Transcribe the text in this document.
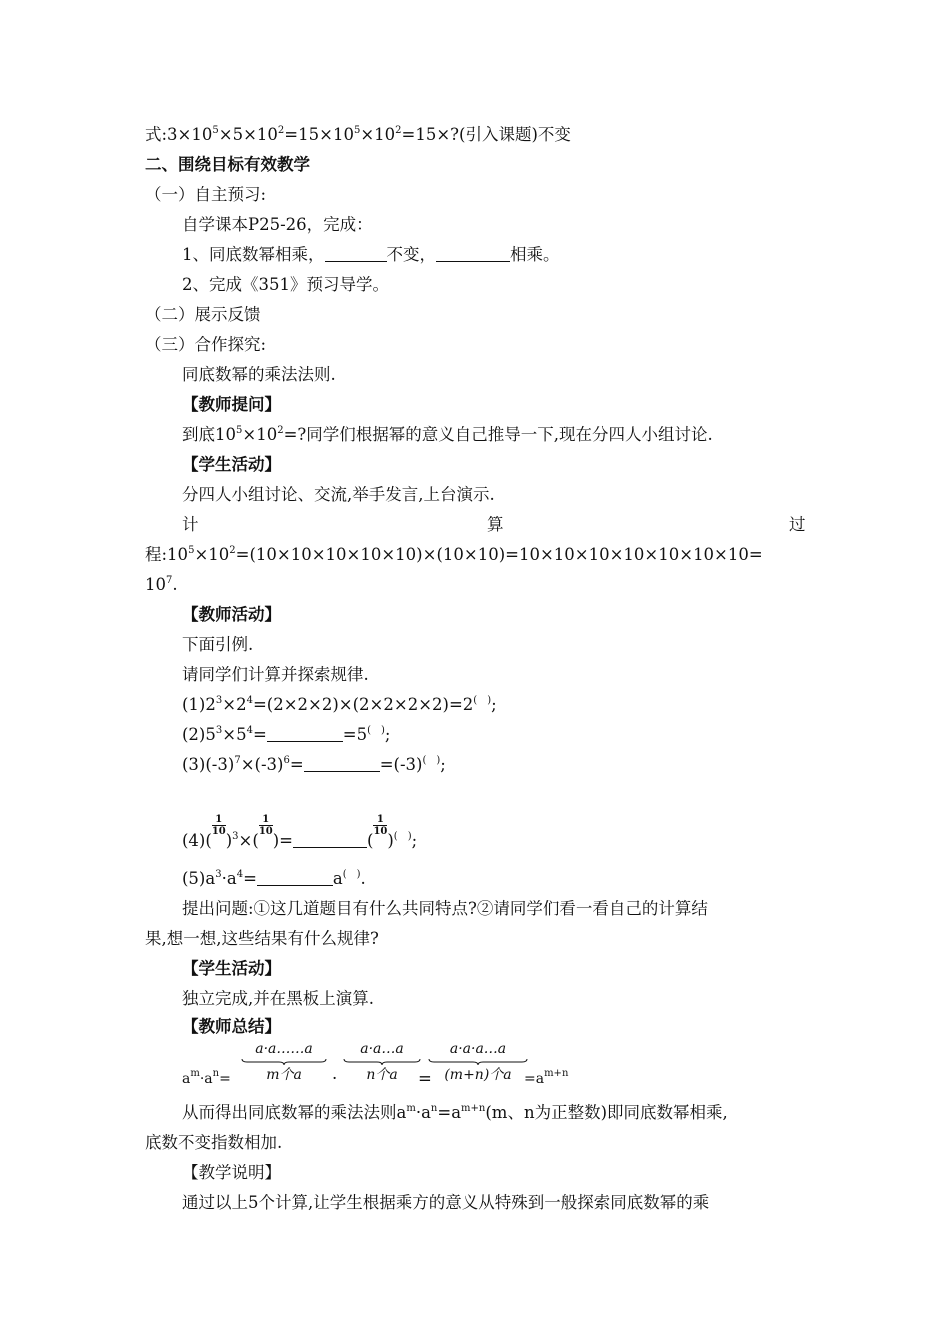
式$:3\times 10^5\times 5\times 10^2=15\times 10^5\times 10^2=15\times$?(引入课题)不变
二、围绕目标有效教学
（一）自主预习:
自学课本P25-26，完成：
1、同底数幂相乘，	不变，	相乘。
2、完成《351》预习导学。
（二）展示反馈
（三）合作探究:
同底数幂的乘法法则.
【教师提问】
到底$10^5\times 10^2=$?同学们根据幂的意义自己推导一下,现在分四人小组讨论.
【学生活动】
分四人小组讨论、交流,举手发言,上台演示.
计	算	过
程$:10^5\times 10^2=(10\times 10\times 10\times 10\times 10)\times(10\times 10)=10\times 10\times 10\times 10\times 10\times 10\times 10=$
$10^7$.
【教师活动】
下面引例.
请同学们计算并探索规律.
$(1)2^3\times 2^4=(2\times 2\times 2)\times(2\times 2\times 2\times 2)=2^{( )}$;
$(2)5^3\times 5^4=$	=5(　);
$(3)(-3)^7\times(-3)^6=$	=(-3)(　);
(4)(
$\frac{1}{10}$
)$^3$×(
$\frac{1}{10}$
)=	(
$\frac{1}{10}$
)(　);
$(5)a^3\cdot a^4=$	a(　).
提出问题:①这几道题目有什么共同特点?②请同学们看一看自己的计算结
果,想一想,这些结果有什么规律?
【学生活动】
独立完成,并在黑板上演算.
【教师总结】
$a^m\cdot a^n=$
a·a……a
m个a	·
a·a…a
n个a	=
a·a·a…a
(m+n)个$a =a^{m+n}$
从而得出同底数幂的乘法法则$a^m\cdot a^n=a^{m+n}(m$、n为正整数)即同底数幂相乘,
底数不变指数相加.
【教学说明】
通过以上5个计算,让学生根据乘方的意义从特殊到一般探索同底数幂的乘
